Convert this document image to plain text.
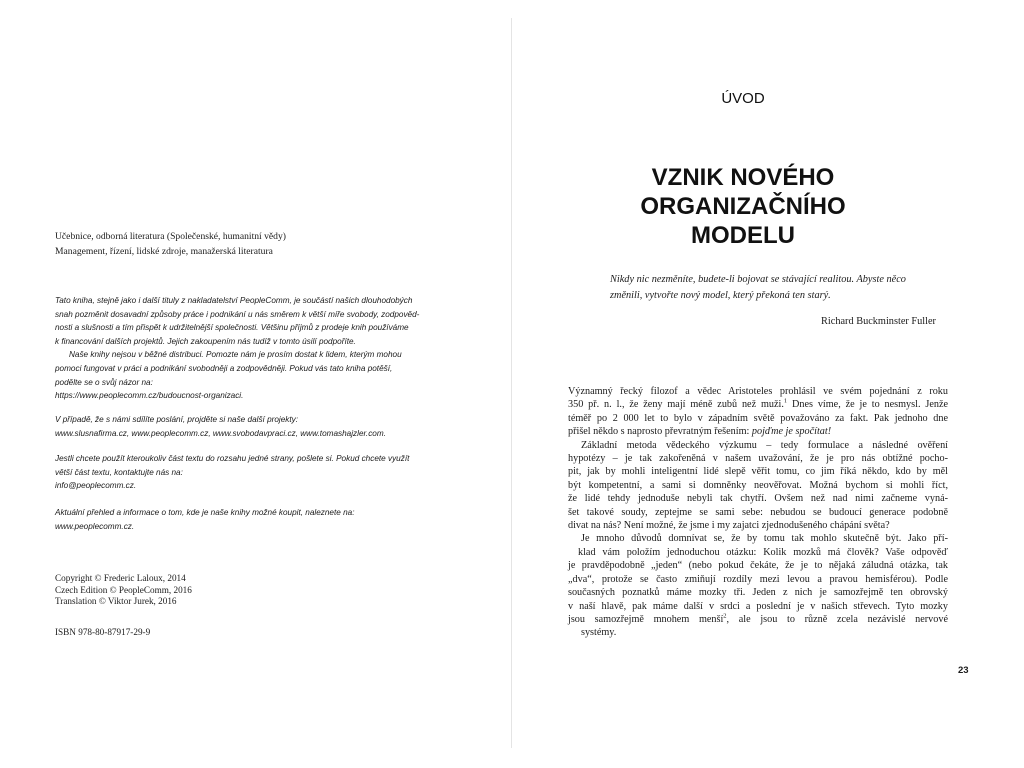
Učebnice, odborná literatura (Společenské, humanitní vědy)
Management, řízení, lidské zdroje, manažerská literatura
Tato kniha, stejně jako i další tituly z nakladatelství PeopleComm, je součástí našich dlouhodobých
snah pozměnit dosavadní způsoby práce i podnikání u nás směrem k větší míře svobody, zodpověd-
nosti a slušnosti a tím přispět k udržitelnější společnosti. Většinu příjmů z prodeje knih používáme
k financování dalších projektů. Jejich zakoupením nás tudíž v tomto úsilí podpoříte.
Naše knihy nejsou v běžné distribuci. Pomozte nám je prosím dostat k lidem, kterým mohou
pomoci fungovat v práci a podnikání svobodněji a zodpovědněji. Pokud vás tato kniha potěší,
podělte se o svůj názor na:
https://www.peoplecomm.cz/budoucnost-organizaci.
V případě, že s námi sdílíte poslání, projděte si naše další projekty:
www.slusnafirma.cz, www.peoplecomm.cz, www.svobodavpraci.cz, www.tomashajzler.com.
Jestli chcete použít kteroukoliv část textu do rozsahu jedné strany, pošlete si. Pokud chcete využít
větší část textu, kontaktujte nás na:
info@peoplecomm.cz.
Aktuální přehled a informace o tom, kde je naše knihy možné koupit, naleznete na:
www.peoplecomm.cz.
Copyright © Frederic Laloux, 2014
Czech Edition © PeopleComm, 2016
Translation © Viktor Jurek, 2016
ISBN 978-80-87917-29-9
ÚVOD
VZNIK NOVÉHO
ORGANIZAČNÍHO MODELU
Nikdy nic nezměníte, budete-li bojovat se stávající realitou. Abyste něco
změnili, vytvořte nový model, který překoná ten starý.
Richard Buckminster Fuller
Významný řecký filozof a vědec Aristoteles prohlásil ve svém pojednání z roku
350 př. n. l., že ženy mají méně zubů než muži.$^1$ Dnes víme, že je to nesmysl. Jenže
téměř po 2 000 let to bylo v západním světě považováno za fakt. Pak jednoho dne
přišel někdo s naprosto převratným řešením: pojďme je spočítat!
Základní metoda vědeckého výzkumu – tedy formulace a následné ověření
hypotézy – je tak zakořeněná v našem uvažování, že je pro nás obtížné pocho-
pit, jak by mohli inteligentní lidé slepě věřit tomu, co jim říká někdo, kdo by měl
být kompetentní, a sami si domněnky neověřovat. Možná bychom si mohli říct,
že lidé tehdy jednoduše nebyli tak chytří. Ovšem než nad nimi začneme vyná-
šet takové soudy, zeptejme se sami sebe: nebudou se budoucí generace podobně
divat na nás? Není možné, že jsme i my zajatci zjednodušeného chápání světa?
Je mnoho důvodů domnívat se, že by tomu tak mohlo skutečně být. Jako pří-
klad vám položím jednoduchou otázku: Kolik mozků má člověk? Vaše odpověď
je pravděpodobně „jeden“ (nebo pokud čekáte, že je to nějaká záludná otázka, tak
„dva“, protože se často zmiňují rozdíly mezi levou a pravou hemisférou). Podle
současných poznatků máme mozky tři. Jeden z nich je samozřejmě ten obrovský
v naší hlavě, pak máme další v srdci a poslední je v našich střevech. Tyto mozky
jsou samozřejmě mnohem menší$^2$, ale jsou to různě zcela nezávislé nervové
systémy.
23
